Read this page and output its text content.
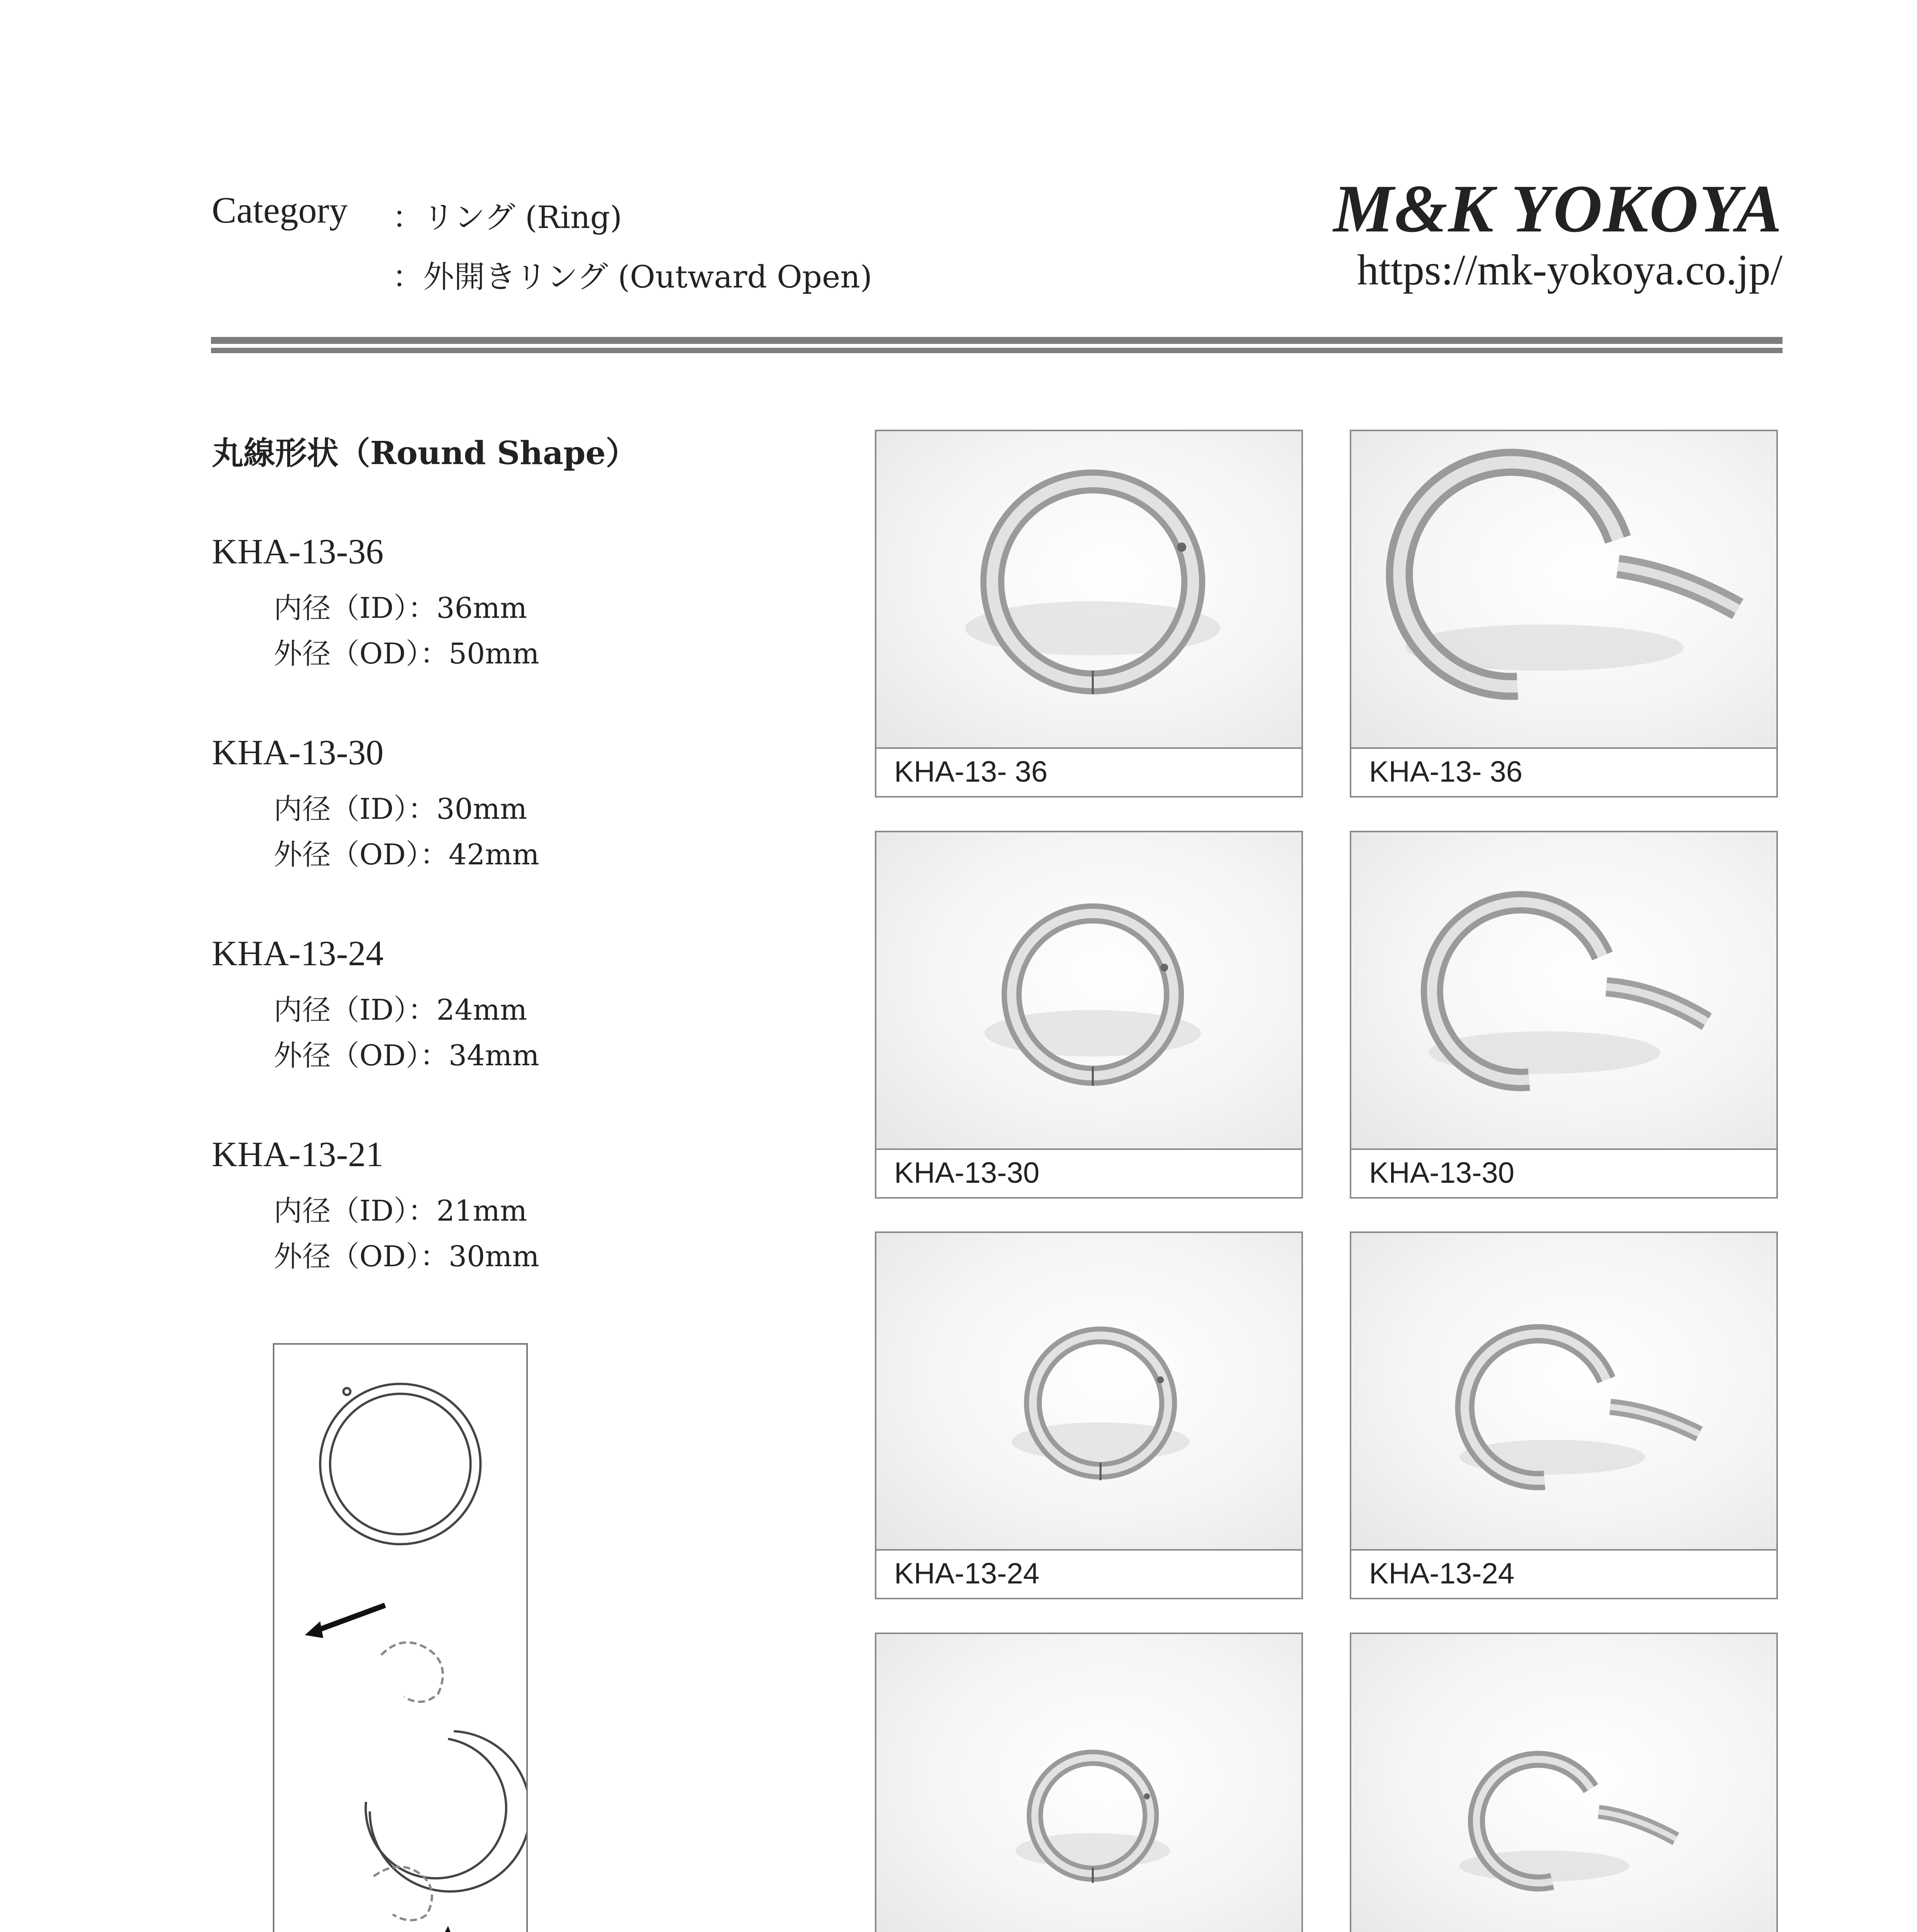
Category ：リング (Ring)
：外開きリング (Outward Open)
M&K YOKOYA
https://mk-yokoya.co.jp/
丸線形状（Round Shape）
KHA-13-36
内径（ID）：36mm
外径（OD）：50mm
KHA-13-30
内径（ID）：30mm
外径（OD）：42mm
KHA-13-24
内径（ID）：24mm
外径（OD）：34mm
KHA-13-21
内径（ID）：21mm
外径（OD）：30mm
KHA-13- 36	KHA-13- 36
KHA-13-30	KHA-13-30
KHA-13-24	KHA-13-24
